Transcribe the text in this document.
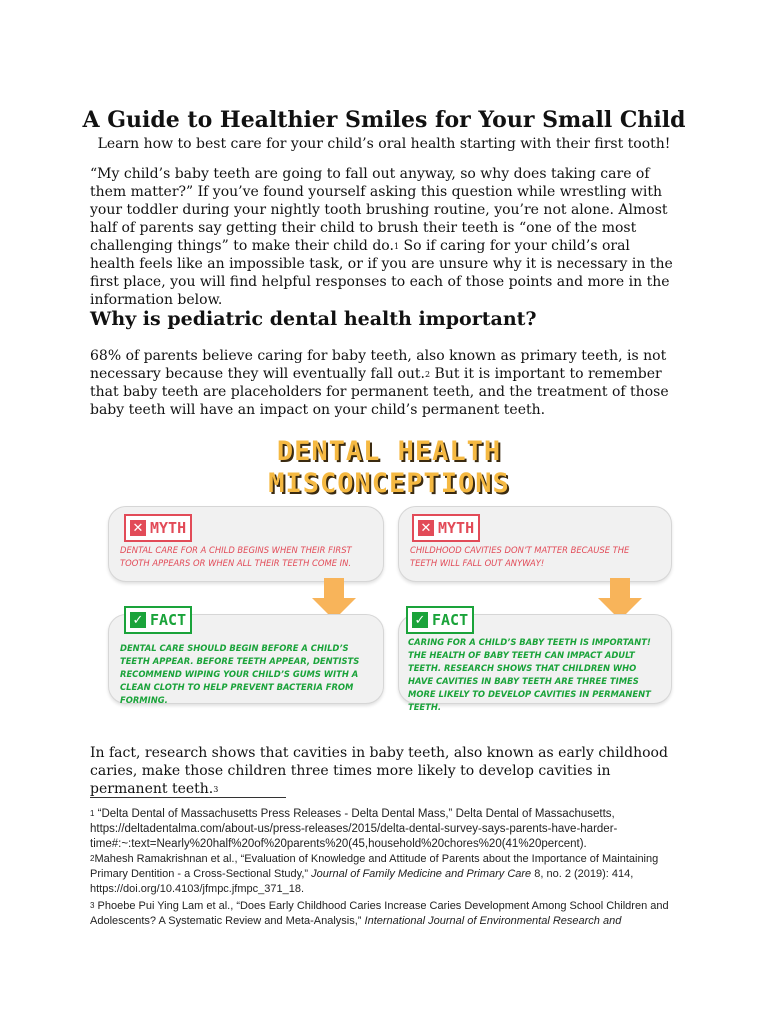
A Guide to Healthier Smiles for Your Small Child
Learn how to best care for your child’s oral health starting with their first tooth!

“My child’s baby teeth are going to fall out anyway, so why does taking care of them matter?” If you’ve found yourself asking this question while wrestling with your toddler during your nightly tooth brushing routine, you’re not alone. Almost half of parents say getting their child to brush their teeth is “one of the most challenging things” to make their child do.$^1$ So if caring for your child’s oral health feels like an impossible task, or if you are unsure why it is necessary in the first place, you will find helpful responses to each of those points and more in the information below.

Why is pediatric dental health important?

68% of parents believe caring for baby teeth, also known as primary teeth, is not necessary because they will eventually fall out.$^2$ But it is important to remember that baby teeth are placeholders for permanent teeth, and the treatment of those baby teeth will have an impact on your child’s permanent teeth.

DENTAL HEALTH
MISCONCEPTIONS
✕ MYTH
DENTAL CARE FOR A CHILD BEGINS WHEN THEIR FIRST TOOTH APPEARS OR WHEN ALL THEIR TEETH COME IN.
✓ FACT
DENTAL CARE SHOULD BEGIN BEFORE A CHILD’S TEETH APPEAR. BEFORE TEETH APPEAR, DENTISTS RECOMMEND WIPING YOUR CHILD’S GUMS WITH A CLEAN CLOTH TO HELP PREVENT BACTERIA FROM FORMING.
✕ MYTH
CHILDHOOD CAVITIES DON’T MATTER BECAUSE THE TEETH WILL FALL OUT ANYWAY!
✓ FACT
CARING FOR A CHILD’S BABY TEETH IS IMPORTANT! THE HEALTH OF BABY TEETH CAN IMPACT ADULT TEETH. RESEARCH SHOWS THAT CHILDREN WHO HAVE CAVITIES IN BABY TEETH ARE THREE TIMES MORE LIKELY TO DEVELOP CAVITIES IN PERMANENT TEETH.

In fact, research shows that cavities in baby teeth, also known as early childhood caries, make those children three times more likely to develop cavities in permanent teeth.$^3$

$^1$ “Delta Dental of Massachusetts Press Releases - Delta Dental Mass,” Delta Dental of Massachusetts, https://deltadentalma.com/about-us/press-releases/2015/delta-dental-survey-says-parents-have-harder-time#:~:text=Nearly%20half%20of%20parents%20(45,household%20chores%20(41%20percent).

$^2$Mahesh Ramakrishnan et al., “Evaluation of Knowledge and Attitude of Parents about the Importance of Maintaining Primary Dentition - a Cross-Sectional Study,” Journal of Family Medicine and Primary Care 8, no. 2 (2019): 414, https://doi.org/10.4103/jfmpc.jfmpc_371_18.

$^3$ Phoebe Pui Ying Lam et al., “Does Early Childhood Caries Increase Caries Development Among School Children and Adolescents? A Systematic Review and Meta-Analysis,” International Journal of Environmental Research and
